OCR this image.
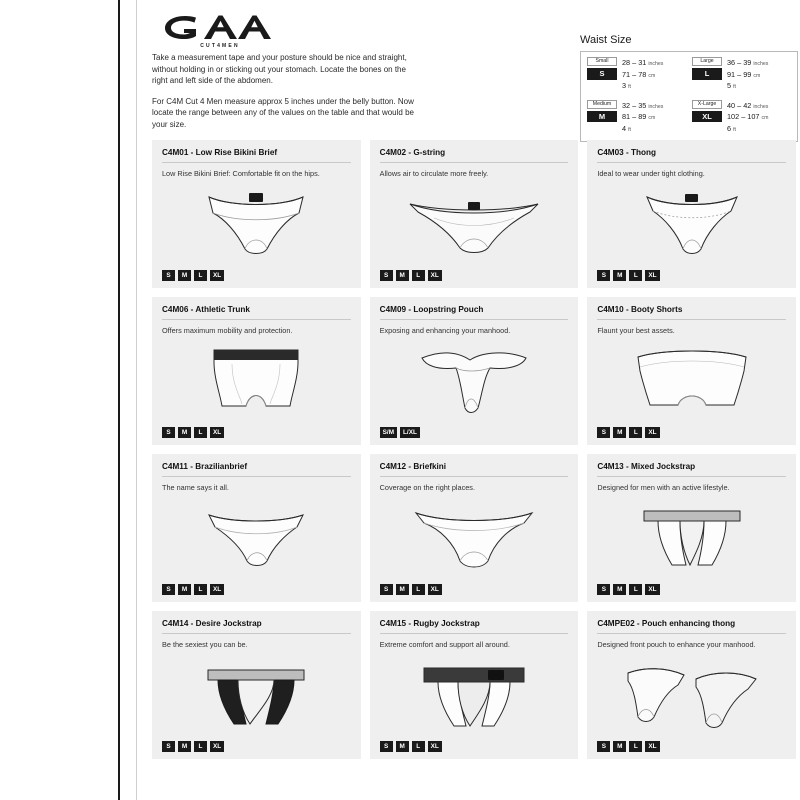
CUT4MEN

Take a measurement tape and your posture should be nice and straight, without holding in or sticking out your stomach. Locate the bones on the right and left side of the abdomen.

For C4M Cut 4 Men measure approx 5 inches under the belly button. Now locate the range between any of the values on the table and that would be your size.

Waist Size
Small
S
28 – 31 inches
71 – 78 cm
3 ft
Medium
M
32 – 35 inches
81 – 89 cm
4 ft
Large
L
36 – 39 inches
91 – 99 cm
5 ft
X-Large
XL
40 – 42 inches
102 – 107 cm
6 ft
C4M01 - Low Rise Bikini Brief
Low Rise Bikini Brief: Comfortable fit on the hips.
S	M	L	XL
C4M02 - G-string
Allows air to circulate more freely.
S	M	L	XL
C4M03 - Thong
Ideal to wear under tight clothing.
S	M	L	XL
C4M06 - Athletic Trunk
Offers maximum mobility and protection.
S	M	L	XL
C4M09 - Loopstring Pouch
Exposing and enhancing your manhood.
S/M	L/XL
C4M10 - Booty Shorts
Flaunt your best assets.
S	M	L	XL
C4M11 - Brazilianbrief
The name says it all.
S	M	L	XL
C4M12 - Briefkini
Coverage on the right places.
S	M	L	XL
C4M13 - Mixed Jockstrap
Designed for men with an active lifestyle.
S	M	L	XL
C4M14 - Desire Jockstrap
Be the sexiest you can be.
S	M	L	XL
C4M15 - Rugby Jockstrap
Extreme comfort and support all around.
S	M	L	XL
C4MPE02 - Pouch enhancing thong
Designed front pouch to enhance your manhood.
S	M	L	XL
